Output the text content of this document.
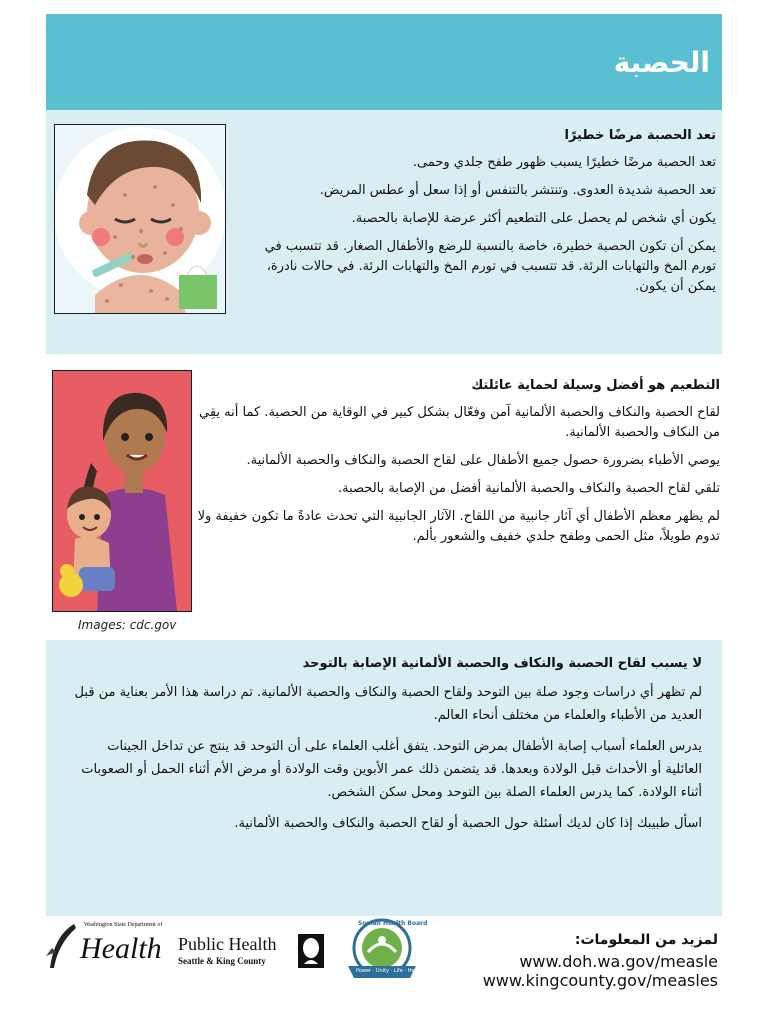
الحصبة

تعد الحصبة مرضًا خطيرًا

تعد الحصبة مرضًا خطيرًا يسبب ظهور طفح جلدي وحمى.

تعد الحصبة شديدة العدوى. وتنتشر بالتنفس أو إذا سعل أو عطس المريض.

يكون أي شخص لم يحصل على التطعيم أكثر عرضة للإصابة بالحصبة.

يمكن أن تكون الحصبة خطيرة، خاصة بالنسبة للرضع والأطفال الصغار. قد تتسبب في تورم المخ والتهابات الرئة. قد تتسبب في تورم المخ والتهابات الرئة. في حالات نادرة، يمكن أن يكون.

التطعيم هو أفضل وسيلة لحماية عائلتك

لقاح الحصبة والنكاف والحصبة الألمانية آمن وفعّال بشكل كبير في الوقاية من الحصبة. كما أنه يقِي من النكاف والحصبة الألمانية.

يوصي الأطباء بضرورة حصول جميع الأطفال على لقاح الحصبة والنكاف والحصبة الألمانية.

تلقي لقاح الحصبة والنكاف والحصبة الألمانية أفضل من الإصابة بالحصبة.

لم يظهر معظم الأطفال أي آثار جانبية من اللقاح. الآثار الجانبية التي تحدث عادةً ما تكون خفيفة ولا تدوم طويلاً، مثل الحمى وطفح جلدي خفيف والشعور بألم.

Images: cdc.gov

لا يسبب لقاح الحصبة والنكاف والحصبة الألمانية الإصابة بالتوحد

لم تظهر أي دراسات وجود صلة بين التوحد ولقاح الحصبة والنكاف والحصبة الألمانية. تم دراسة هذا الأمر بعناية من قبل العديد من الأطباء والعلماء من مختلف أنحاء العالم.

يدرس العلماء أسباب إصابة الأطفال بمرض التوحد. يتفق أغلب العلماء على أن التوحد قد ينتج عن تداخل الجينات العائلية أو الأحداث قبل الولادة وبعدها. قد يتضمن ذلك عمر الأبوين وقت الولادة أو مرض الأم أثناء الحمل أو الصعوبات أثناء الولادة. كما يدرس العلماء الصلة بين التوحد ومحل سكن الشخص.

اسأل طبيبك إذا كان لديك أسئلة حول الحصبة أو لقاح الحصبة والنكاف والحصبة الألمانية.

Washington State Department of
Health Public Health
Seattle & King County
Somali Health Board
Power · Unity · Life · Health
لمزيد من المعلومات:
www.doh.wa.gov/measle
www.kingcounty.gov/measles
